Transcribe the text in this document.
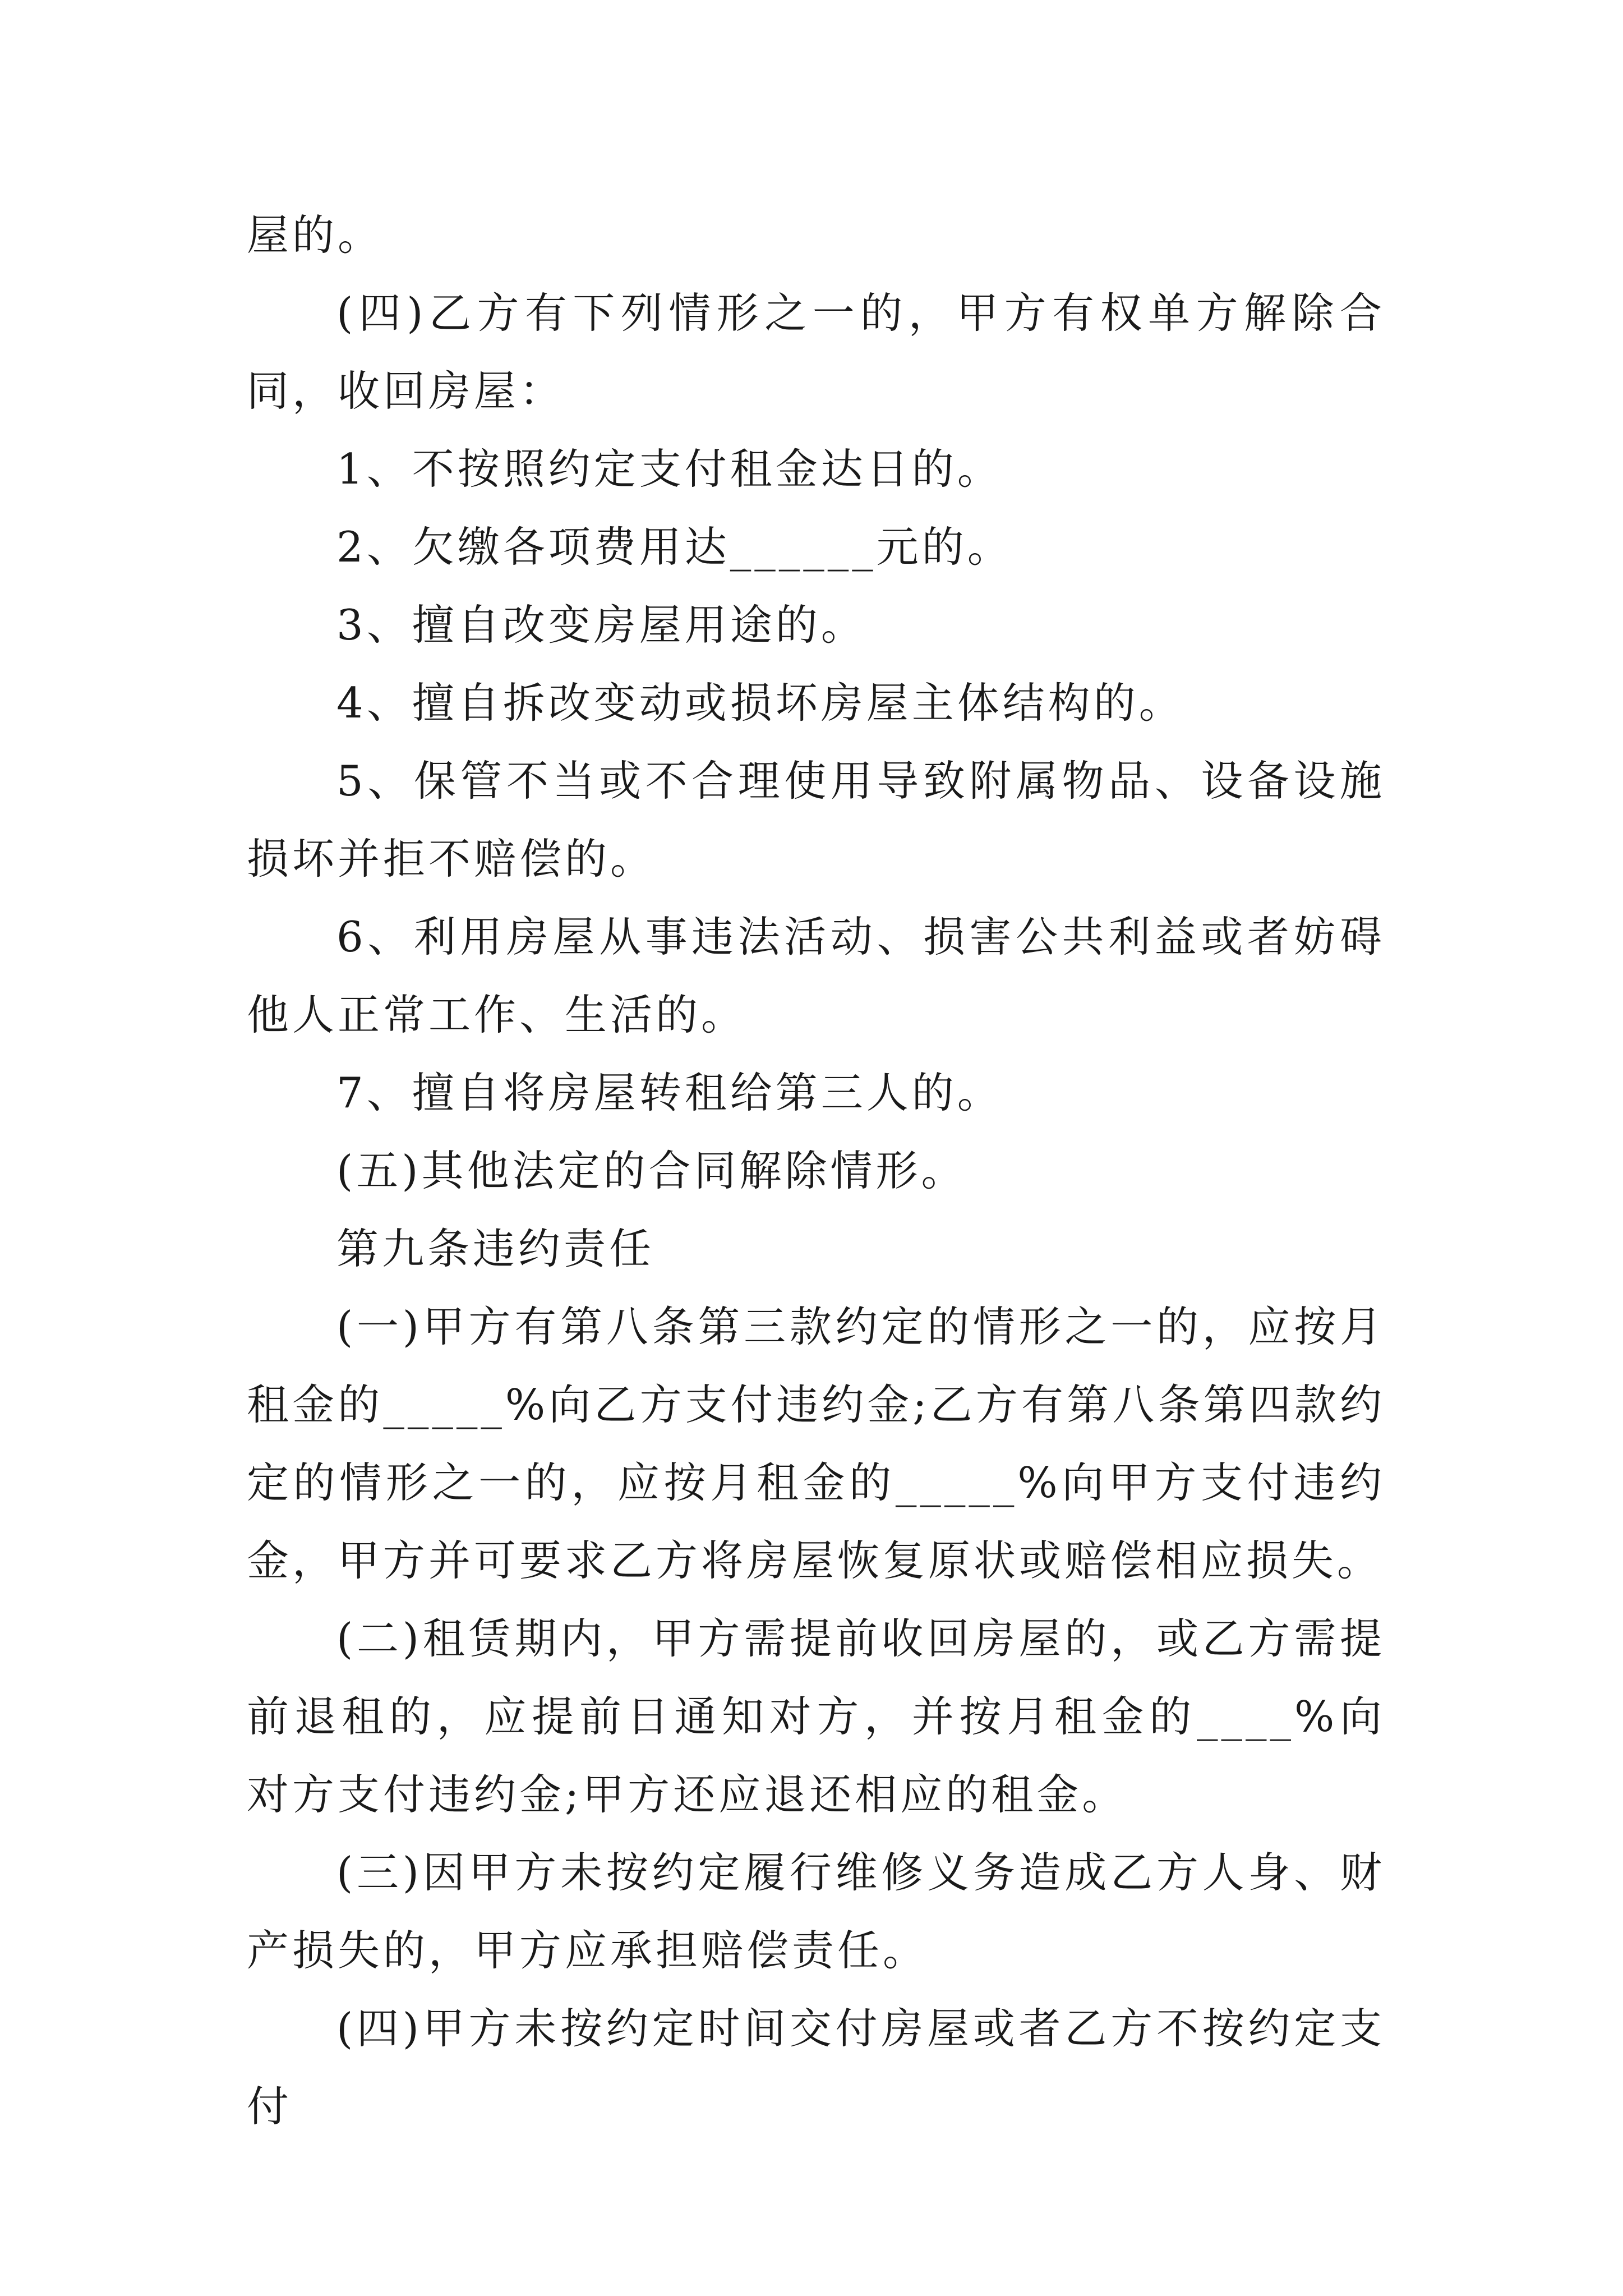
屋的。

(四)乙方有下列情形之一的，甲方有权单方解除合同，收回房屋：

1、不按照约定支付租金达日的。

2、欠缴各项费用达______元的。

3、擅自改变房屋用途的。

4、擅自拆改变动或损坏房屋主体结构的。

5、保管不当或不合理使用导致附属物品、设备设施损坏并拒不赔偿的。

6、利用房屋从事违法活动、损害公共利益或者妨碍他人正常工作、生活的。

7、擅自将房屋转租给第三人的。

(五)其他法定的合同解除情形。

第九条违约责任

(一)甲方有第八条第三款约定的情形之一的，应按月租金的_____%向乙方支付违约金;乙方有第八条第四款约定的情形之一的，应按月租金的_____%向甲方支付违约金，甲方并可要求乙方将房屋恢复原状或赔偿相应损失。

(二)租赁期内，甲方需提前收回房屋的，或乙方需提前退租的，应提前日通知对方，并按月租金的____%向对方支付违约金;甲方还应退还相应的租金。

(三)因甲方未按约定履行维修义务造成乙方人身、财产损失的，甲方应承担赔偿责任。

(四)甲方未按约定时间交付房屋或者乙方不按约定支付
